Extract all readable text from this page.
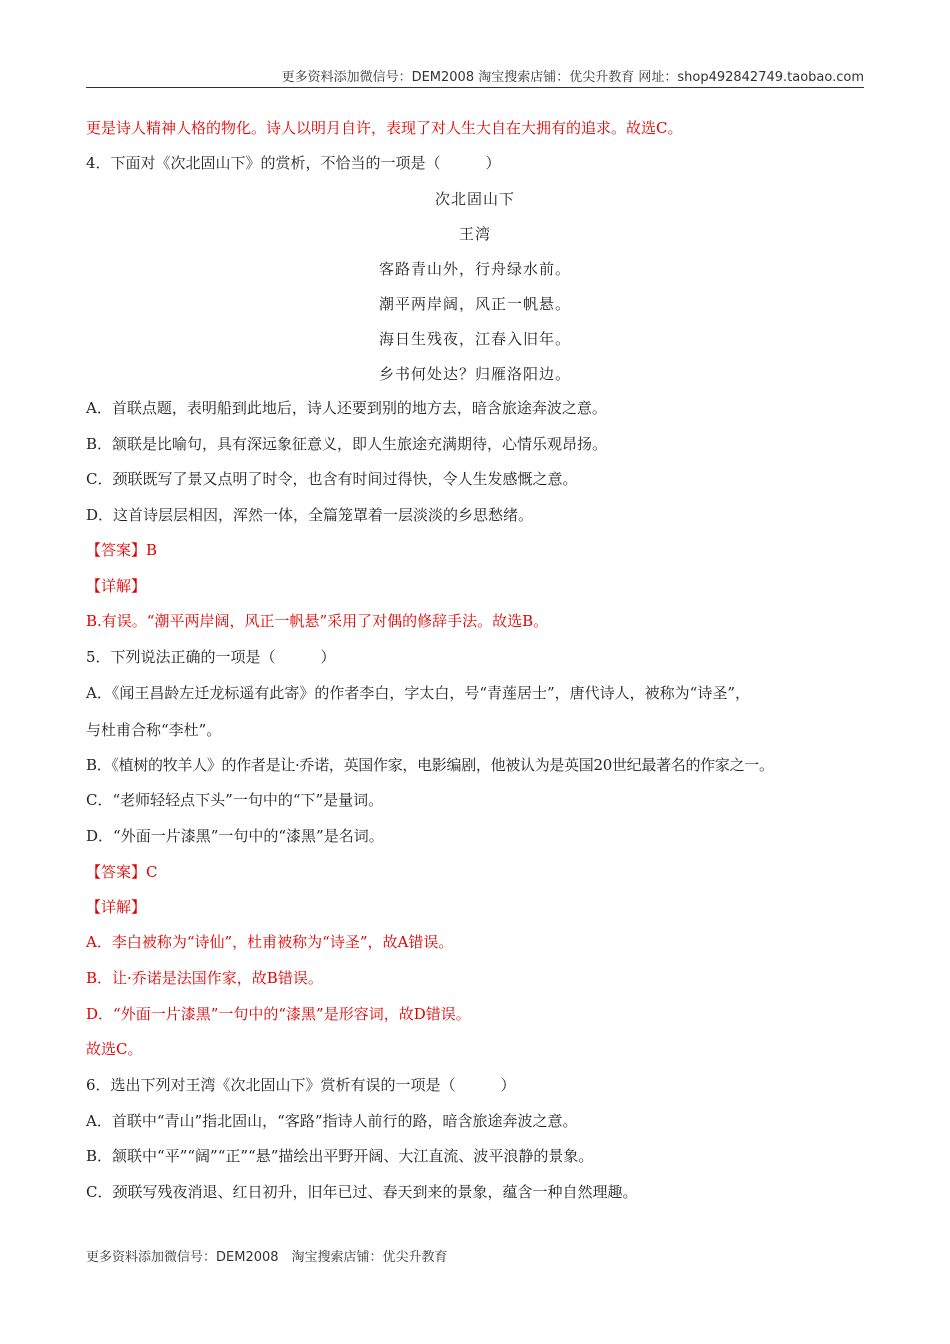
更多资料添加微信号：DEM2008 淘宝搜索店铺：优尖升教育 网址：shop492842749.taobao.com
更是诗人精神人格的物化。诗人以明月自许，表现了对人生大自在大拥有的追求。故选C。
4．下面对《次北固山下》的赏析，不恰当的一项是（　　　）
次北固山下
王湾
客路青山外，行舟绿水前。
潮平两岸阔，风正一帆悬。
海日生残夜，江春入旧年。
乡书何处达？归雁洛阳边。
A．首联点题，表明船到此地后，诗人还要到别的地方去，暗含旅途奔波之意。
B．颔联是比喻句，具有深远象征意义，即人生旅途充满期待，心情乐观昂扬。
C．颈联既写了景又点明了时令，也含有时间过得快，令人生发感慨之意。
D．这首诗层层相因，浑然一体，全篇笼罩着一层淡淡的乡思愁绪。
【答案】B
【详解】
B.有误。“潮平两岸阔，风正一帆悬”采用了对偶的修辞手法。故选B。
5．下列说法正确的一项是（　　　）
A．《闻王昌龄左迁龙标遥有此寄》的作者李白，字太白，号“青莲居士”，唐代诗人，被称为“诗圣”，
与杜甫合称“李杜”。
B．《植树的牧羊人》的作者是让·乔诺，英国作家，电影编剧，他被认为是英国20世纪最著名的作家之一。
C．“老师轻轻点下头”一句中的“下”是量词。
D．“外面一片漆黑”一句中的“漆黑”是名词。
【答案】C
【详解】
A．李白被称为“诗仙”，杜甫被称为“诗圣”，故A错误。
B．让·乔诺是法国作家，故B错误。
D．“外面一片漆黑”一句中的“漆黑”是形容词，故D错误。
故选C。
6．选出下列对王湾《次北固山下》赏析有误的一项是（　　　）
A．首联中“青山”指北固山，“客路”指诗人前行的路，暗含旅途奔波之意。
B．颔联中“平”“阔”“正”“悬”描绘出平野开阔、大江直流、波平浪静的景象。
C．颈联写残夜消退、红日初升，旧年已过、春天到来的景象，蕴含一种自然理趣。
更多资料添加微信号：DEM2008　淘宝搜索店铺：优尖升教育
